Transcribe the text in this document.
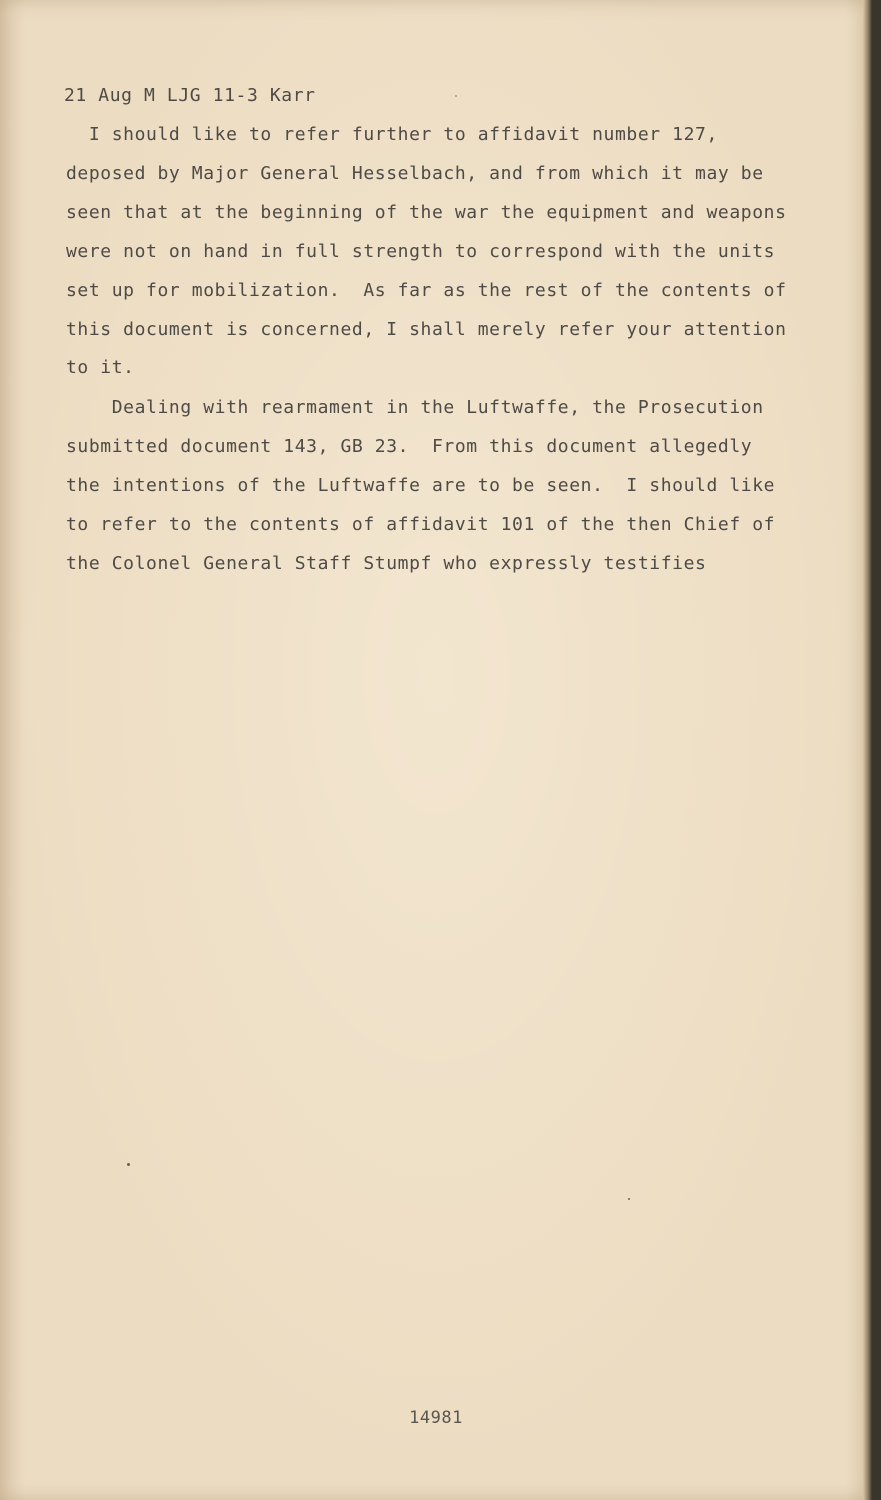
21 Aug M LJG 11-3 Karr

I should like to refer further to affidavit number 127,

deposed by Major General Hesselbach, and from which it may be

seen that at the beginning of the war the equipment and weapons

were not on hand in full strength to correspond with the units

set up for mobilization.  As far as the rest of the contents of

this document is concerned, I shall merely refer your attention

to it.

Dealing with rearmament in the Luftwaffe, the Prosecution

submitted document 143, GB 23.  From this document allegedly

the intentions of the Luftwaffe are to be seen.  I should like

to refer to the contents of affidavit 101 of the then Chief of

the Colonel General Staff Stumpf who expressly testifies

14981
